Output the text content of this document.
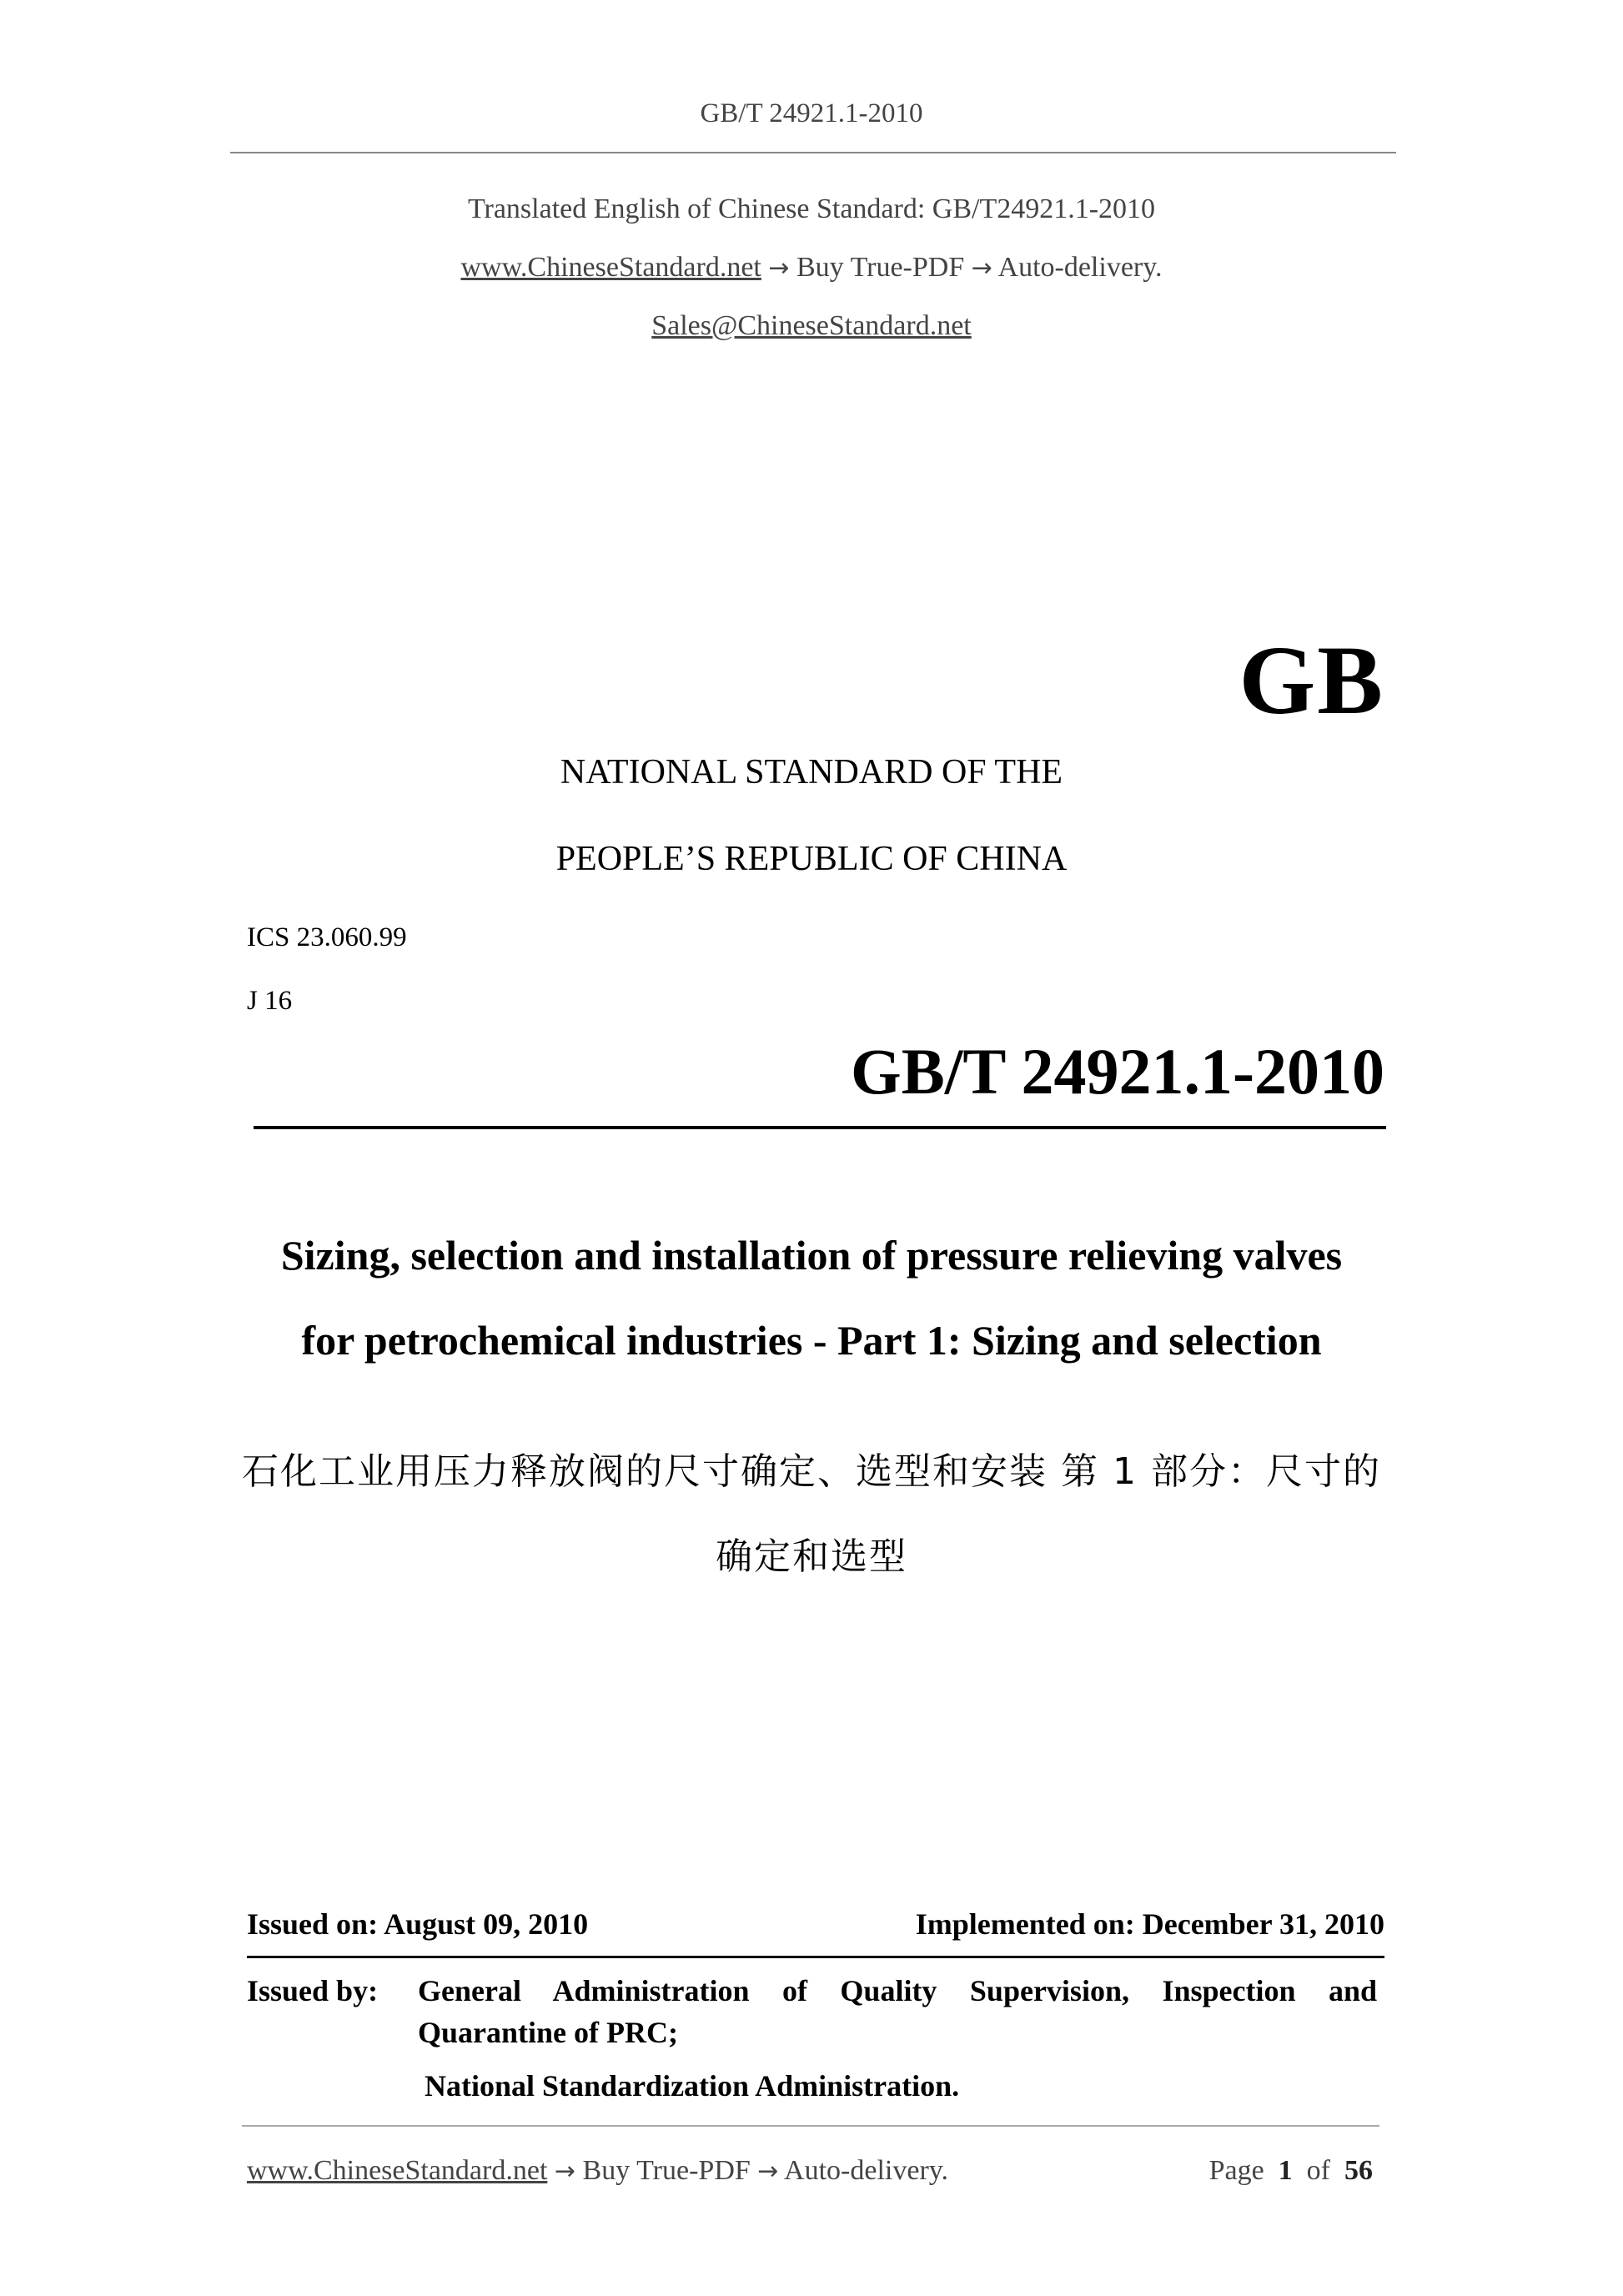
GB/T 24921.1-2010
Translated English of Chinese Standard: GB/T24921.1-2010
www.ChineseStandard.net → Buy True-PDF → Auto-delivery.
Sales@ChineseStandard.net
GB
NATIONAL STANDARD OF THE
PEOPLE’S REPUBLIC OF CHINA
ICS 23.060.99
J 16
GB/T 24921.1-2010
Sizing, selection and installation of pressure relieving valves
for petrochemical industries - Part 1: Sizing and selection
石化工业用压力释放阀的尺寸确定、选型和安装 第 1 部分：尺寸的
确定和选型
Issued on: August 09, 2010	Implemented on: December 31, 2010
Issued by: General Administration of Quality Supervision, Inspection and Quarantine of PRC;
National Standardization Administration.
www.ChineseStandard.net → Buy True-PDF → Auto-delivery.	Page 1 of 56
